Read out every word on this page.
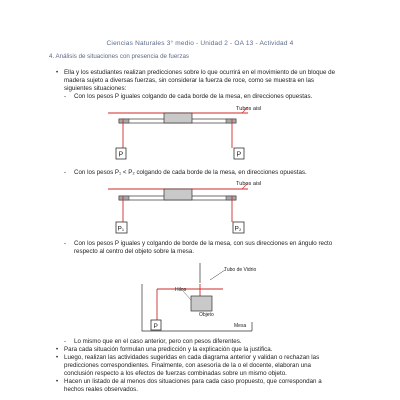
Ciencias Naturales 3° medio - Unidad 2 - OA 13 - Actividad 4
4. Análisis de situaciones con presencia de fuerzas
• Ella y los estudiantes realizan predicciones sobre lo que ocurrirá en el movimiento de un bloque de
madera sujeto a diversas fuerzas, sin considerar la fuerza de roce, como se muestra en las
siguientes situaciones:
- Con los pesos P iguales colgando de cada borde de la mesa, en direcciones opuestas.
Tubos aisl
- Con los pesos P₁ < P₂ colgando de cada borde de la mesa, en direcciones opuestas.
Tubos aisl
- Con los pesos P iguales y colgando de borde de la mesa, con sus direcciones en ángulo recto
respecto al centro del objeto sobre la mesa.
- Lo mismo que en el caso anterior, pero con pesos diferentes.
• Para cada situación formulan una predicción y la explicación que la justifica.
• Luego, realizan las actividades sugeridas en cada diagrama anterior y validan o rechazan las
predicciones correspondientes. Finalmente, con asesoría de la o el docente, elaboran una
conclusión respecto a los efectos de fuerzas combinadas sobre un mismo objeto.
• Hacen un listado de al menos dos situaciones para cada caso propuesto, que correspondan a
hechos reales observados.
P	P
P₁	P₂
P
Tubo de Vidrio
Hilos
Objeto
Mesa
